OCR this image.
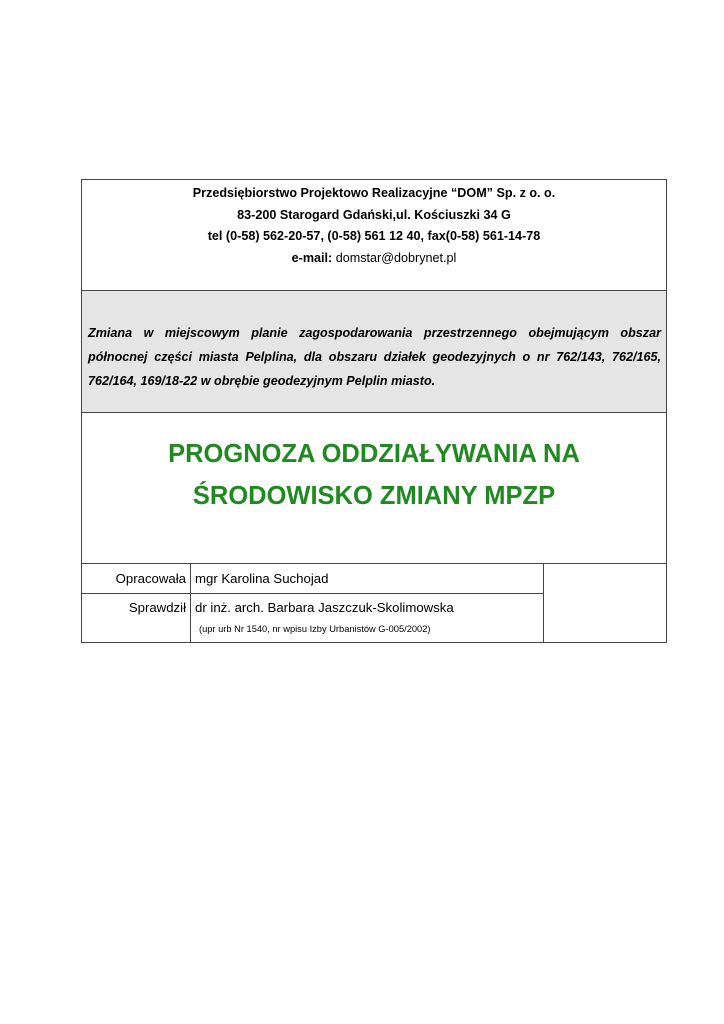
Przedsiębiorstwo Projektowo Realizacyjne “DOM” Sp. z o. o.
83-200 Starogard Gdański,ul. Kościuszki 34 G
tel (0-58) 562-20-57, (0-58) 561 12 40, fax(0-58) 561-14-78
e-mail: domstar@dobrynet.pl
Zmiana w miejscowym planie zagospodarowania przestrzennego obejmującym obszar północnej części miasta Pelplina, dla obszaru działek geodezyjnych o nr 762/143, 762/165, 762/164, 169/18-22 w obrębie geodezyjnym Pelplin miasto.
PROGNOZA ODDZIAŁYWANIA NA
ŚRODOWISKO ZMIANY MPZP
Opracowała mgr Karolina Suchojad
Sprawdził dr inż. arch. Barbara Jaszczuk-Skolimowska
(upr urb Nr 1540, nr wpisu Izby Urbanistów G-005/2002)
